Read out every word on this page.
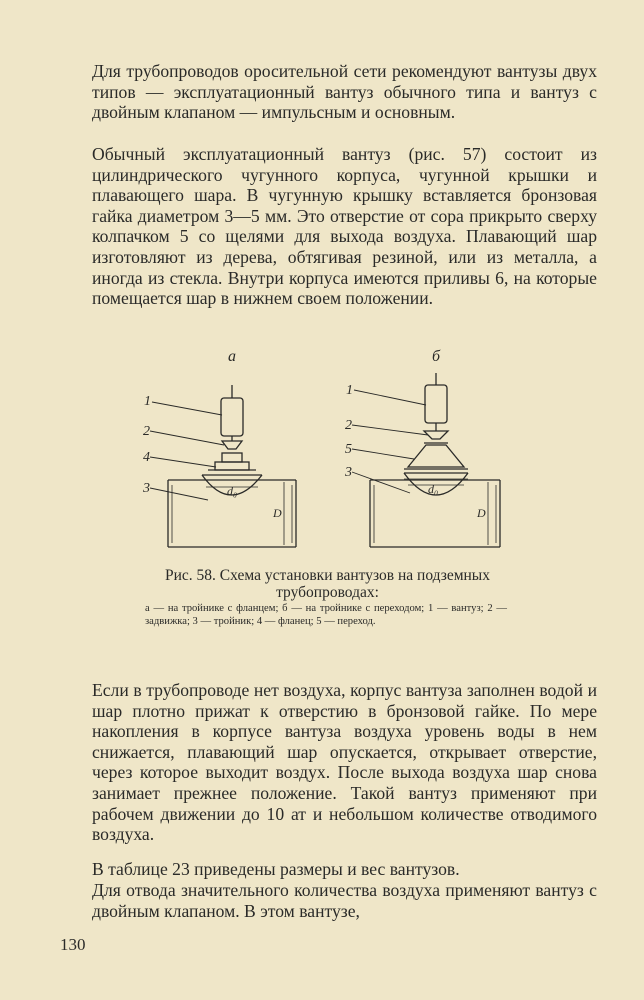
Для трубопроводов оросительной сети рекомендуют вантузы двух типов — эксплуатационный вантуз обычного типа и вантуз с двойным клапаном — импульсным и основным.

Обычный эксплуатационный вантуз (рис. 57) состоит из цилиндрического чугунного корпуса, чугунной крышки и плавающего шара. В чугунную крышку вставляется бронзовая гайка диаметром 3—5 мм. Это отверстие от сора прикрыто сверху колпачком 5 со щелями для выхода воздуха. Плавающий шар изготовляют из дерева, обтягивая резиной, или из металла, а иногда из стекла. Внутри корпуса имеются приливы 6, на которые помещается шар в нижнем своем положении.

а	б
1
2
4
3
1
2
5
3
d₀	d₀
D	D

Рис. 58. Схема установки вантузов на подземных трубопроводах:

а — на тройнике с фланцем; б — на тройнике с переходом; 1 — вантуз; 2 — задвижка; 3 — тройник; 4 — фланец; 5 — переход.

Если в трубопроводе нет воздуха, корпус вантуза заполнен водой и шар плотно прижат к отверстию в бронзовой гайке. По мере накопления в корпусе вантуза воздуха уровень воды в нем снижается, плавающий шар опускается, открывает отверстие, через которое выходит воздух. После выхода воздуха шар снова занимает прежнее положение. Такой вантуз применяют при рабочем движении до 10 ат и небольшом количестве отводимого воздуха.

В таблице 23 приведены размеры и вес вантузов.

Для отвода значительного количества воздуха применяют вантуз с двойным клапаном. В этом вантузе,

130
